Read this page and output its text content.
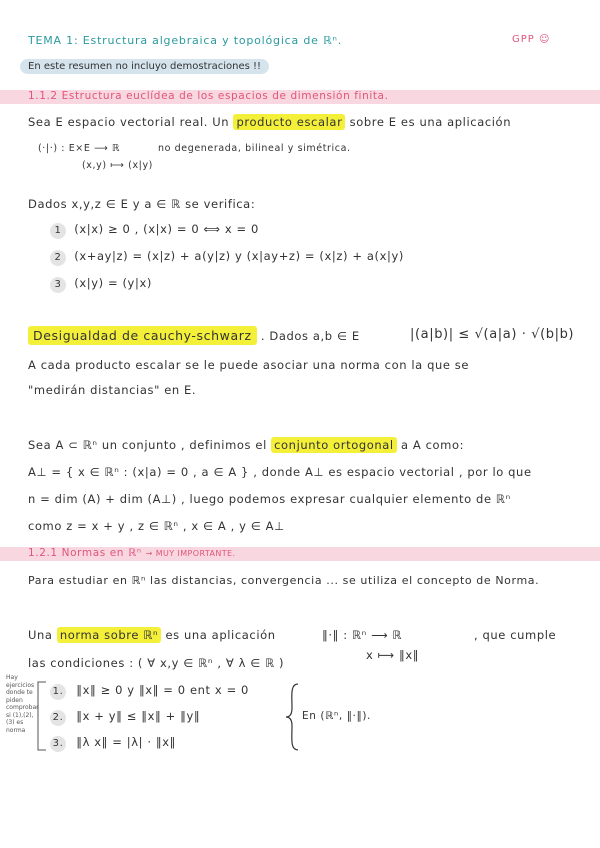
TEMA 1: Estructura algebraica y topológica de ℝⁿ.	GPP ☺
En este resumen no incluyo demostraciones !!
1.1.2 Estructura euclídea de los espacios de dimensión finita.
Sea E espacio vectorial real. Un producto escalar sobre E es una aplicación
(·|·) : E×E ⟶ ℝ	no degenerada, bilineal y simétrica.
(x,y) ⟼ (x|y)
Dados x,y,z ∈ E y a ∈ ℝ se verifica:
1 (x|x) ≥ 0 , (x|x) = 0 ⟺ x = 0
2 (x+ay|z) = (x|z) + a(y|z) y (x|ay+z) = (x|z) + a(x|y)
3 (x|y) = (y|x)
Desigualdad de cauchy-schwarz . Dados a,b ∈ E	|(a|b)| ≤ √(a|a) · √(b|b)
A cada producto escalar se le puede asociar una norma con la que se
"medirán distancias" en E.
Sea A ⊂ ℝⁿ un conjunto , definimos el conjunto ortogonal a A como:
A⊥ = { x ∈ ℝⁿ : (x|a) = 0 , a ∈ A } , donde A⊥ es espacio vectorial , por lo que
n = dim (A) + dim (A⊥) , luego podemos expresar cualquier elemento de ℝⁿ
como z = x + y , z ∈ ℝⁿ , x ∈ A , y ∈ A⊥
1.2.1 Normas en ℝⁿ → MUY IMPORTANTE.
Para estudiar en ℝⁿ las distancias, convergencia ... se utiliza el concepto de Norma.
Una norma sobre ℝⁿ es una aplicación	‖·‖ : ℝⁿ ⟶ ℝ	, que cumple
x ⟼ ‖x‖
las condiciones : ( ∀ x,y ∈ ℝⁿ , ∀ λ ∈ ℝ )
Hay ejercicios donde te piden comprobar si (1),(2),(3) es norma
1. ‖x‖ ≥ 0 y ‖x‖ = 0 ent x = 0
2. ‖x + y‖ ≤ ‖x‖ + ‖y‖
3. ‖λ x‖ = |λ| · ‖x‖
En (ℝⁿ, ‖·‖).
